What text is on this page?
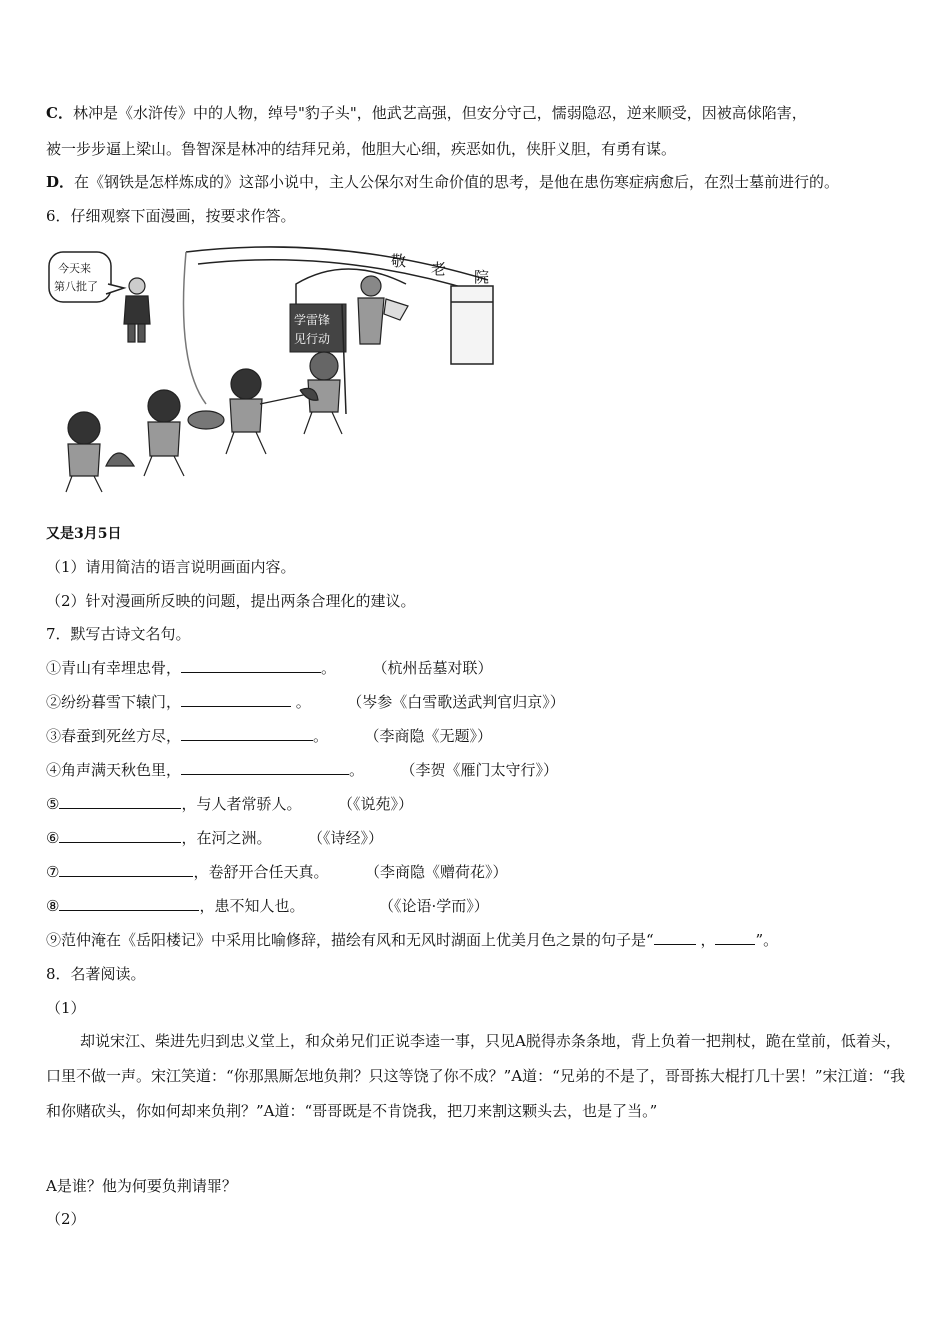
C．林冲是《水浒传》中的人物，绰号"豹子头"，他武艺高强，但安分守己，懦弱隐忍，逆来顺受，因被高俅陷害，
被一步步逼上梁山。鲁智深是林冲的结拜兄弟，他胆大心细，疾恶如仇，侠肝义胆，有勇有谋。
D．在《钢铁是怎样炼成的》这部小说中，主人公保尔对生命价值的思考，是他在患伤寒症病愈后，在烈士墓前进行的。
6．仔细观察下面漫画，按要求作答。
敬 老 院
今天来
第八批了
学雷锋
见行动
又是3月5日
（1）请用简洁的语言说明画面内容。
（2）针对漫画所反映的问题，提出两条合理化的建议。
7．默写古诗文名句。
①青山有幸埋忠骨，	。	（杭州岳墓对联）
②纷纷暮雪下辕门，	。	（岑参《白雪歌送武判官归京》）
③春蚕到死丝方尽，	。	（李商隐《无题》）
④角声满天秋色里，	。	（李贺《雁门太守行》）
⑤	，与人者常骄人。	（《说苑》）
⑥	，在河之洲。	（《诗经》）
⑦	，卷舒开合任天真。	（李商隐《赠荷花》）
⑧	，患不知人也。	（《论语·学而》）
⑨范仲淹在《岳阳楼记》中采用比喻修辞，描绘有风和无风时湖面上优美月色之景的句子是“	，	”。
8．名著阅读。
（1）

却说宋江、柴进先归到忠义堂上，和众弟兄们正说李逵一事，只见A脱得赤条条地，背上负着一把荆杖，跪在堂前，低着头，口里不做一声。宋江笑道：“你那黑厮怎地负荆？只这等饶了你不成？”A道：“兄弟的不是了，哥哥拣大棍打几十罢！”宋江道：“我和你赌砍头，你如何却来负荆？”A道：“哥哥既是不肯饶我，把刀来割这颗头去，也是了当。”

A是谁？他为何要负荆请罪？
（2）
